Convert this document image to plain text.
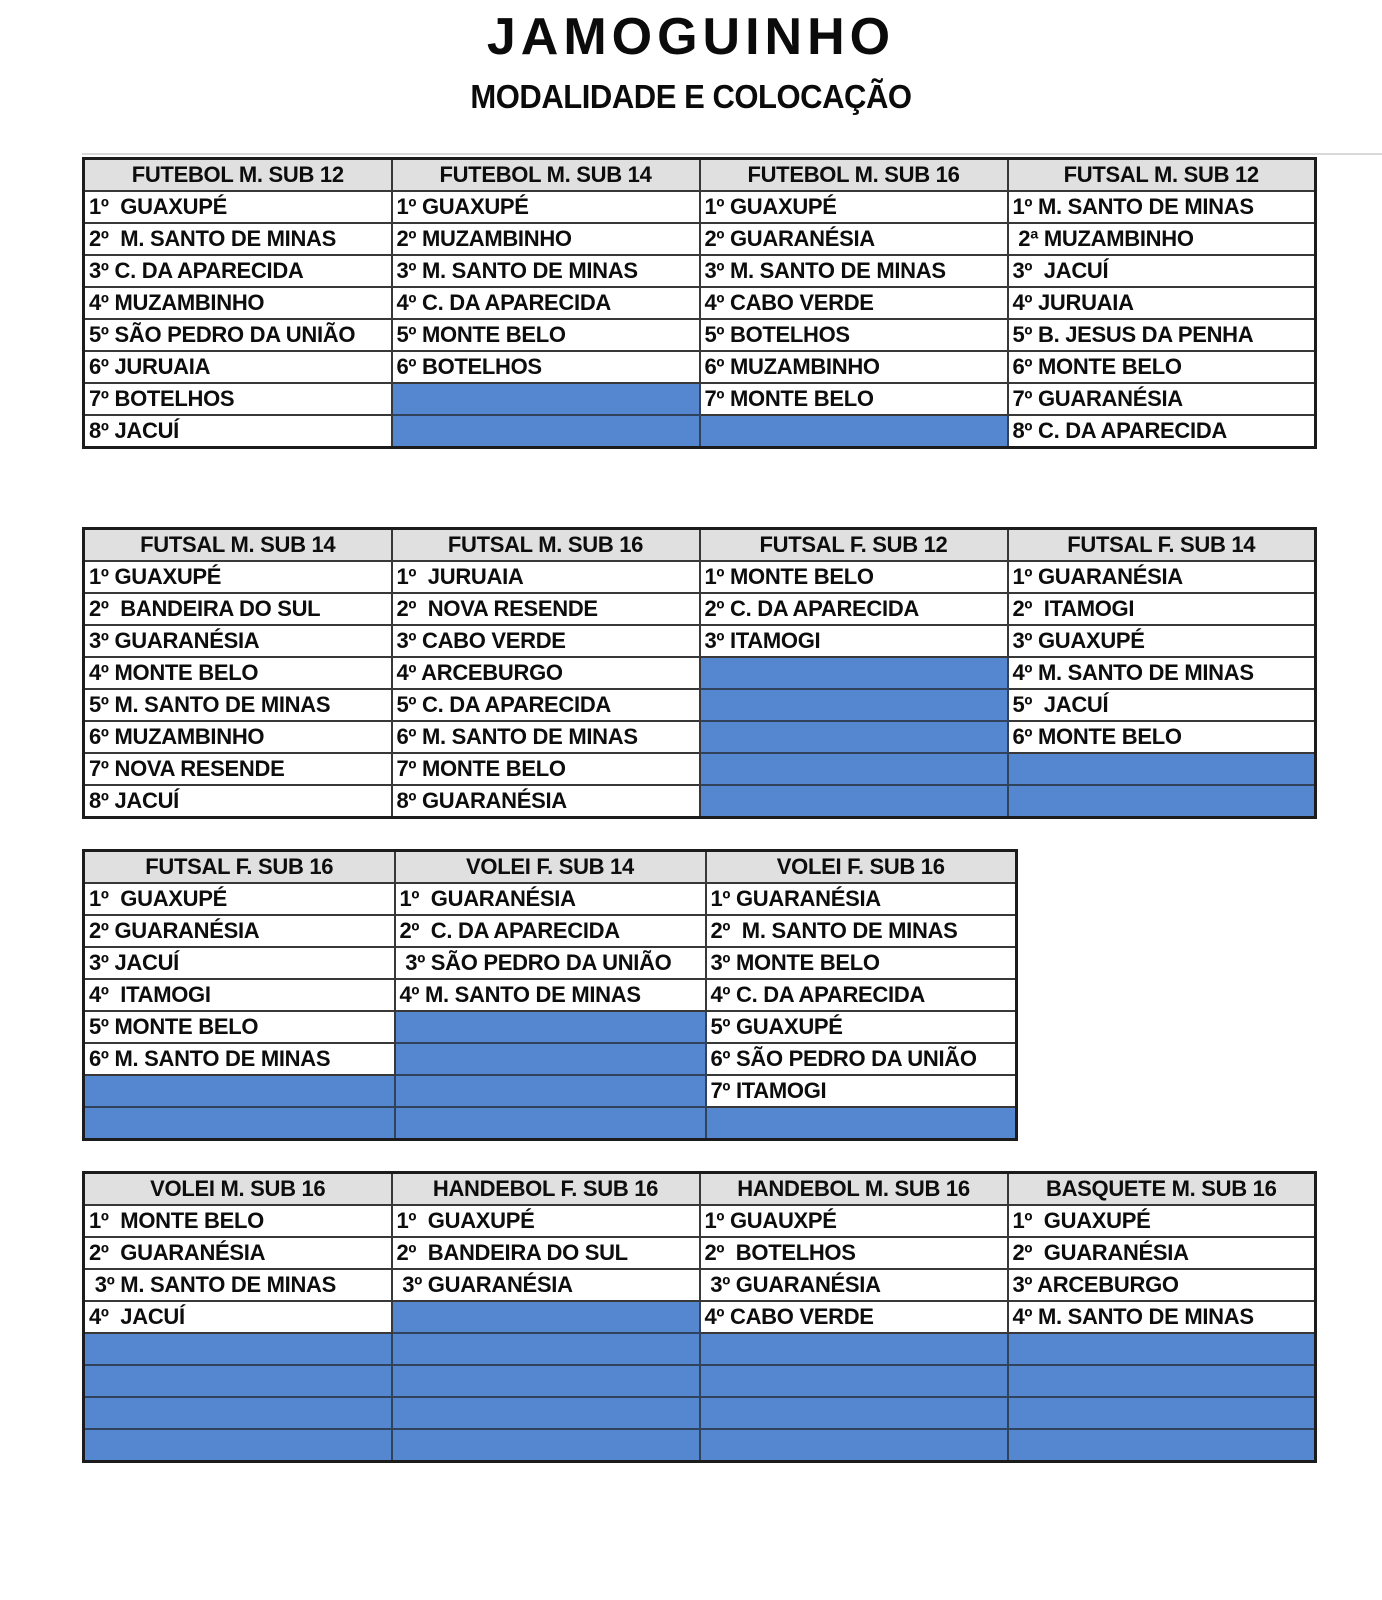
JAMOGUINHO
MODALIDADE E COLOCAÇÃO
FUTEBOL M. SUB 12	FUTEBOL M. SUB 14	FUTEBOL M. SUB 16	FUTSAL M. SUB 12
1º  GUAXUPÉ	1º GUAXUPÉ	1º GUAXUPÉ	1º M. SANTO DE MINAS
2º  M. SANTO DE MINAS	2º MUZAMBINHO	2º GUARANÉSIA	2ª MUZAMBINHO
3º C. DA APARECIDA	3º M. SANTO DE MINAS	3º M. SANTO DE MINAS	3º  JACUÍ
4º MUZAMBINHO	4º C. DA APARECIDA	4º CABO VERDE	4º JURUAIA
5º SÃO PEDRO DA UNIÃO	5º MONTE BELO	5º BOTELHOS	5º B. JESUS DA PENHA
6º JURUAIA	6º BOTELHOS	6º MUZAMBINHO	6º MONTE BELO
7º BOTELHOS		7º MONTE BELO	7º GUARANÉSIA
8º JACUÍ			8º C. DA APARECIDA
FUTSAL M. SUB 14	FUTSAL M. SUB 16	FUTSAL F. SUB 12	FUTSAL F. SUB 14
1º GUAXUPÉ	1º  JURUAIA	1º MONTE BELO	1º GUARANÉSIA
2º  BANDEIRA DO SUL	2º  NOVA RESENDE	2º C. DA APARECIDA	2º  ITAMOGI
3º GUARANÉSIA	3º CABO VERDE	3º ITAMOGI	3º GUAXUPÉ
4º MONTE BELO	4º ARCEBURGO		4º M. SANTO DE MINAS
5º M. SANTO DE MINAS	5º C. DA APARECIDA		5º  JACUÍ
6º MUZAMBINHO	6º M. SANTO DE MINAS		6º MONTE BELO
7º NOVA RESENDE	7º MONTE BELO		
8º JACUÍ	8º GUARANÉSIA		
FUTSAL F. SUB 16	VOLEI F. SUB 14	VOLEI F. SUB 16
1º  GUAXUPÉ	1º  GUARANÉSIA	1º GUARANÉSIA
2º GUARANÉSIA	2º  C. DA APARECIDA	2º  M. SANTO DE MINAS
3º JACUÍ	3º SÃO PEDRO DA UNIÃO	3º MONTE BELO
4º  ITAMOGI	4º M. SANTO DE MINAS	4º C. DA APARECIDA
5º MONTE BELO		5º GUAXUPÉ
6º M. SANTO DE MINAS		6º SÃO PEDRO DA UNIÃO
		7º ITAMOGI

VOLEI M. SUB 16	HANDEBOL F. SUB 16	HANDEBOL M. SUB 16	BASQUETE M. SUB 16
1º  MONTE BELO	1º  GUAXUPÉ	1º GUAUXPÉ	1º  GUAXUPÉ
2º  GUARANÉSIA	2º  BANDEIRA DO SUL	2º  BOTELHOS	2º  GUARANÉSIA
3º M. SANTO DE MINAS	3º GUARANÉSIA	3º GUARANÉSIA	3º ARCEBURGO
4º  JACUÍ		4º CABO VERDE	4º M. SANTO DE MINAS
